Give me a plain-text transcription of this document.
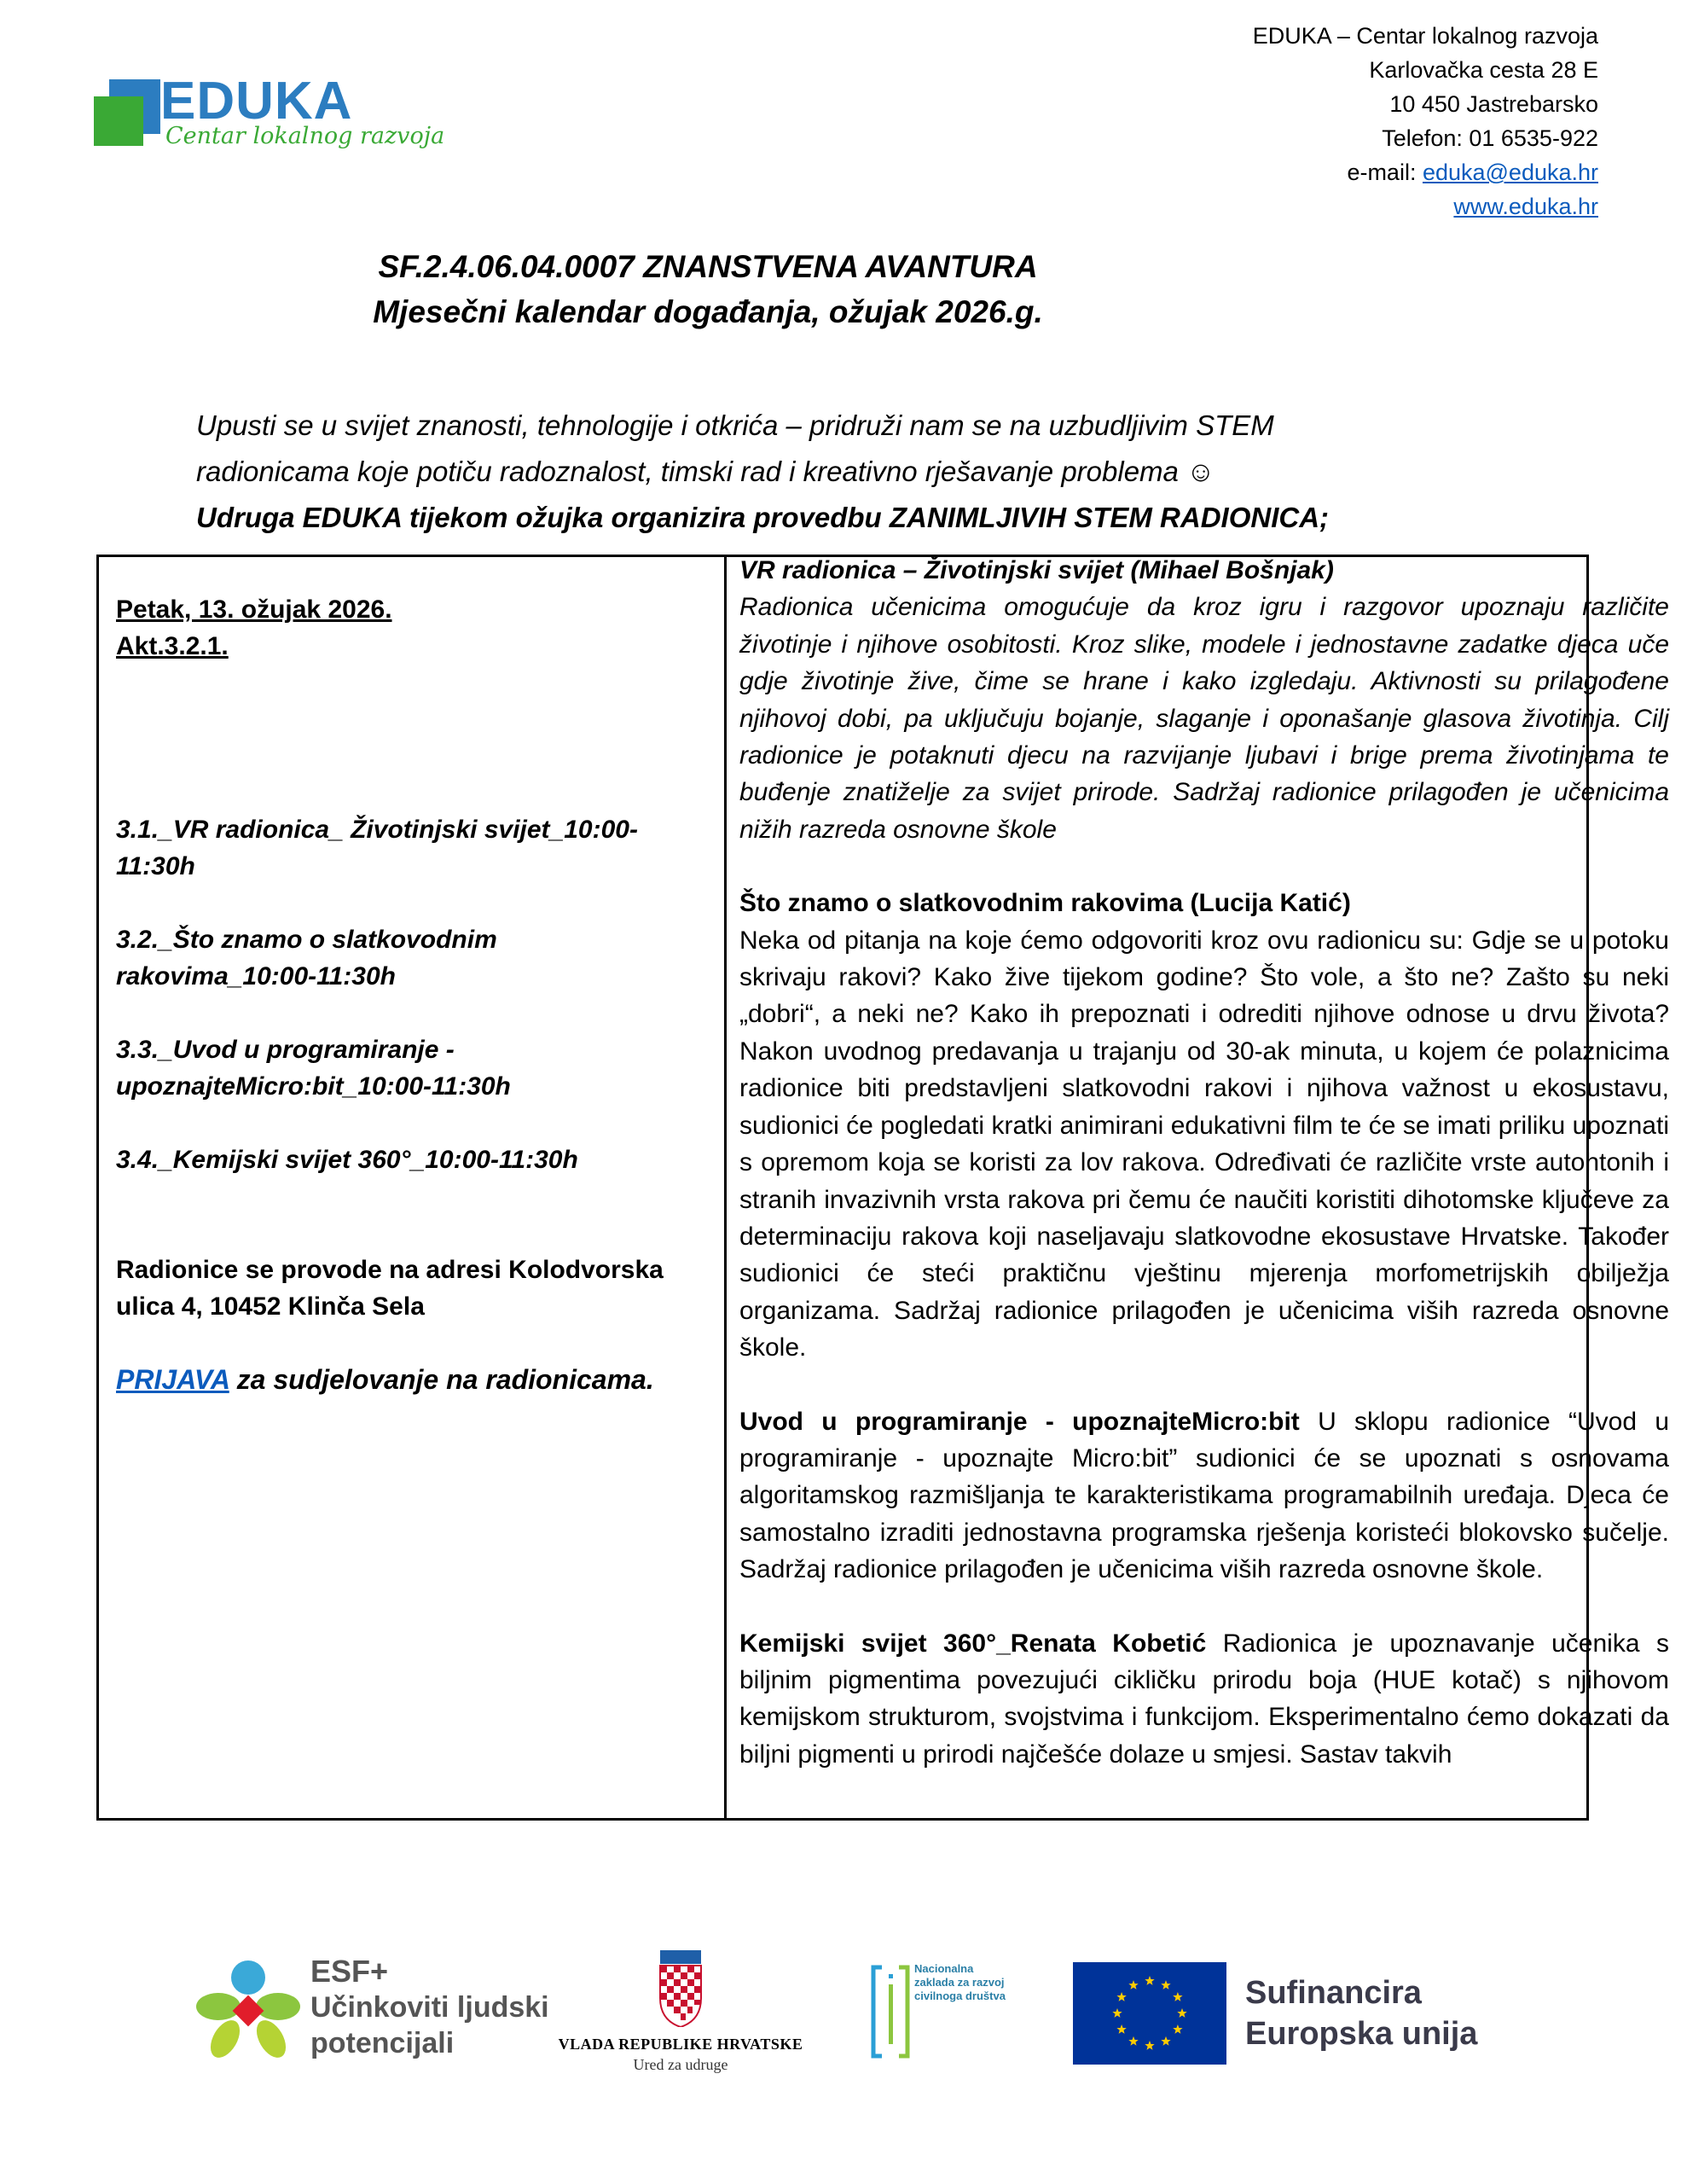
EDUKA
Centar lokalnog razvoja
EDUKA – Centar lokalnog razvoja
Karlovačka cesta 28 E
10 450 Jastrebarsko
Telefon: 01 6535-922
e-mail: eduka@eduka.hr
www.eduka.hr
SF.2.4.06.04.0007 ZNANSTVENA AVANTURA
Mjesečni kalendar događanja, ožujak 2026.g.
Upusti se u svijet znanosti, tehnologije i otkrića – pridruži nam se na uzbudljivim STEM
radionicama koje potiču radoznalost, timski rad i kreativno rješavanje problema ☺
Udruga EDUKA tijekom ožujka organizira provedbu ZANIMLJIVIH STEM RADIONICA;
Petak, 13. ožujak 2026.
Akt.3.2.1.
3.1._VR radionica_ Životinjski svijet_10:00-11:30h
3.2._Što znamo o slatkovodnim rakovima_10:00-11:30h
3.3._Uvod u programiranje - upoznajteMicro:bit_10:00-11:30h
3.4._Kemijski svijet 360°_10:00-11:30h
Radionice se provode na adresi Kolodvorska ulica 4, 10452 Klinča Sela
PRIJAVA za sudjelovanje na radionicama.

VR radionica – Životinjski svijet (Mihael Bošnjak)
Radionica učenicima omogućuje da kroz igru i razgovor upoznaju različite životinje i njihove osobitosti. Kroz slike, modele i jednostavne zadatke djeca uče gdje životinje žive, čime se hrane i kako izgledaju. Aktivnosti su prilagođene njihovoj dobi, pa uključuju bojanje, slaganje i oponašanje glasova životinja. Cilj radionice je potaknuti djecu na razvijanje ljubavi i brige prema životinjama te buđenje znatiželje za svijet prirode. Sadržaj radionice prilagođen je učenicima nižih razreda osnovne škole

Što znamo o slatkovodnim rakovima (Lucija Katić)
Neka od pitanja na koje ćemo odgovoriti kroz ovu radionicu su: Gdje se u potoku skrivaju rakovi? Kako žive tijekom godine? Što vole, a što ne? Zašto su neki „dobri“, a neki ne? Kako ih prepoznati i odrediti njihove odnose u drvu života? Nakon uvodnog predavanja u trajanju od 30-ak minuta, u kojem će polaznicima radionice biti predstavljeni slatkovodni rakovi i njihova važnost u ekosustavu, sudionici će pogledati kratki animirani edukativni film te će se imati priliku upoznati s opremom koja se koristi za lov rakova. Određivati će različite vrste autohtonih i stranih invazivnih vrsta rakova pri čemu će naučiti koristiti dihotomske ključeve za determinaciju rakova koji naseljavaju slatkovodne ekosustave Hrvatske. Također sudionici će steći praktičnu vještinu mjerenja morfometrijskih obilježja organizama. Sadržaj radionice prilagođen je učenicima viših razreda osnovne škole.

Uvod u programiranje - upoznajteMicro:bit U sklopu radionice “Uvod u programiranje - upoznajte Micro:bit” sudionici će se upoznati s osnovama algoritamskog razmišljanja te karakteristikama programabilnih uređaja. Djeca će samostalno izraditi jednostavna programska rješenja koristeći blokovsko sučelje. Sadržaj radionice prilagođen je učenicima viših razreda osnovne škole.

Kemijski svijet 360°_Renata Kobetić Radionica je upoznavanje učenika s biljnim pigmentima povezujući cikličku prirodu boja (HUE kotač) s njihovom kemijskom strukturom, svojstvima i funkcijom. Eksperimentalno ćemo dokazati da biljni pigmenti u prirodi najčešće dolaze u smjesi. Sastav takvih

ESF+
Učinkoviti ljudski
potencijali	VLADA REPUBLIKE HRVATSKE
Ured za udruge
Nacionalna zaklada za razvoj civilnoga društva	Sufinancira
Europska unija
